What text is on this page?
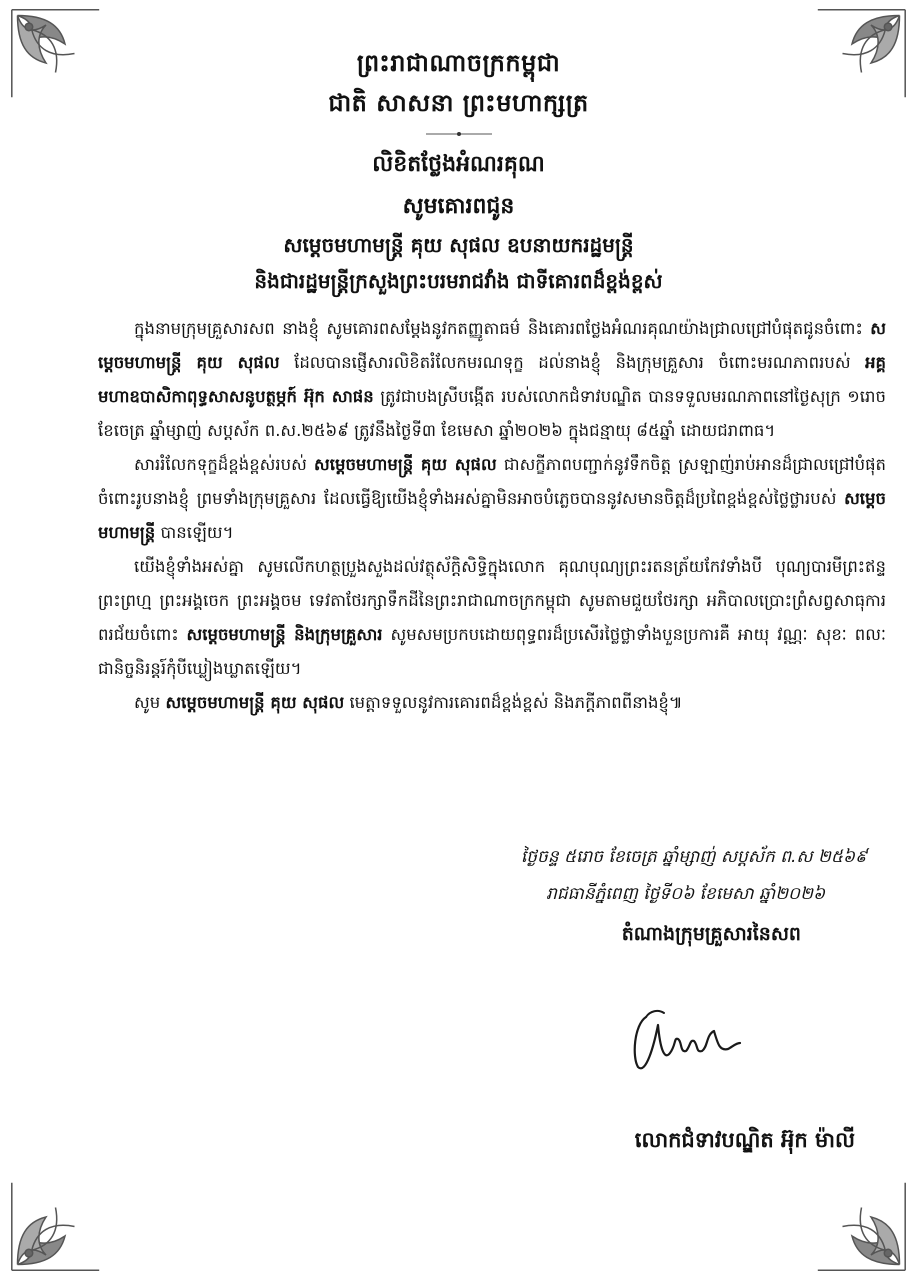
ព្រះរាជាណាចក្រកម្ពុជា
ជាតិ សាសនា ព្រះមហាក្សត្រ
លិខិតថ្លែងអំណរគុណ
សូមគោរពជូន
សម្តេចមហាមន្ត្រី គុយ សុផល ឧបនាយករដ្ឋមន្ត្រី
និងជារដ្ឋមន្ត្រីក្រសួងព្រះបរមរាជវាំង ជាទីគោរពដ៏ខ្ពង់ខ្ពស់

ក្នុងនាមក្រុមគ្រួសារសព នាងខ្ញុំ សូមគោរពសម្តែងនូវកតញ្ញូតាធម៌ និងគោរពថ្លែងអំណរគុណយ៉ាងជ្រាលជ្រៅបំផុតជូនចំពោះ សម្តេចមហាមន្ត្រី គុយ សុផល ដែលបានផ្ញើសារលិខិតរំលែកមរណទុក្ខ ដល់នាងខ្ញុំ និងក្រុមគ្រួសារ ចំពោះមរណភាពរបស់ អគ្គមហាឧបាសិកាពុទ្ធសាសនូបត្ថម្ភក៍ អ៊ុក សាផន ត្រូវជាបងស្រីបង្កើត របស់លោកជំទាវបណ្ឌិត បានទទួលមរណភាពនៅថ្ងៃសុក្រ ១រោច ខែចេត្រ ឆ្នាំម្សាញ់ សប្តស័ក ព.ស.២៥៦៩ ត្រូវនឹងថ្ងៃទី៣ ខែមេសា ឆ្នាំ២០២៦ ក្នុងជន្មាយុ ៨៥ឆ្នាំ ដោយជរាពាធ។

សាររំលែកទុក្ខដ៏ខ្ពង់ខ្ពស់របស់ សម្តេចមហាមន្ត្រី គុយ សុផល ជាសក្ខីភាពបញ្ជាក់នូវទឹកចិត្ត ស្រឡាញ់រាប់អានដ៏ជ្រាលជ្រៅបំផុត ចំពោះរូបនាងខ្ញុំ ព្រមទាំងក្រុមគ្រួសារ ដែលធ្វើឱ្យយើងខ្ញុំទាំងអស់គ្នាមិនអាចបំភ្លេចបាននូវសមានចិត្តដ៏ប្រពៃខ្ពង់ខ្ពស់ថ្លៃថ្លារបស់ សម្តេចមហាមន្ត្រី បានឡើយ។

យើងខ្ញុំទាំងអស់គ្នា សូមលើកហត្ថប្រួងសួងដល់វត្ថុស័ក្តិសិទ្ធិក្នុងលោក គុណបុណ្យព្រះរតនត្រ័យកែវទាំងបី បុណ្យបារមីព្រះឥន្ទ ព្រះព្រហ្ម ព្រះអង្គចេក ព្រះអង្គចម ទេវតាថែរក្សាទឹកដីនៃព្រះរាជាណាចក្រកម្ពុជា សូមតាមជួយថែរក្សា អភិបាលប្រោះព្រំសព្វសាធុការពរជ័យចំពោះ សម្តេចមហាមន្ត្រី និងក្រុមគ្រួសារ សូមសមប្រកបដោយពុទ្ធពរដ៏ប្រសើរថ្លៃថ្លាទាំងបួនប្រការគឺ អាយុ វណ្ណៈ សុខៈ ពលៈ ជានិច្ចនិរន្តរ៍កុំបីឃ្លៀងឃ្លាតឡើយ។

សូម សម្តេចមហាមន្ត្រី គុយ សុផល មេត្តាទទួលនូវការគោរពដ៏ខ្ពង់ខ្ពស់ និងភក្តីភាពពីនាងខ្ញុំ៕

ថ្ងៃចន្ទ ៥រោច ខែចេត្រ ឆ្នាំម្សាញ់ សប្តស័ក ព.ស ២៥៦៩
រាជធានីភ្នំពេញ ថ្ងៃទី០៦ ខែមេសា ឆ្នាំ២០២៦
តំណាងក្រុមគ្រួសារនៃសព
លោកជំទាវបណ្ឌិត អ៊ុក ម៉ាលី
